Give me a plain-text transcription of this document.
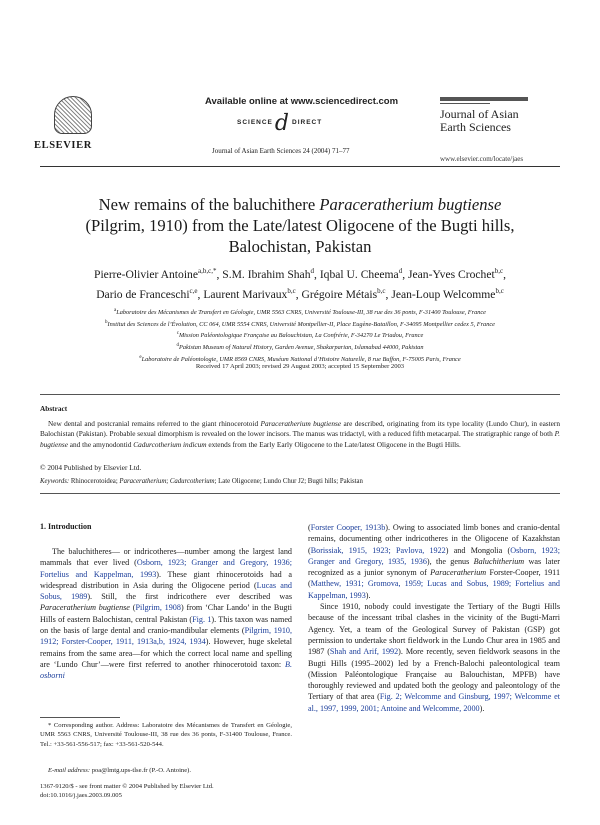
ELSEVIER
Available online at www.sciencedirect.com
SCIENCEd DIRECT
Journal of Asian Earth Sciences 24 (2004) 71–77
Journal of Asian
Earth Sciences
www.elsevier.com/locate/jaes
New remains of the baluchithere Paraceratherium bugtiense
(Pilgrim, 1910) from the Late/latest Oligocene of the Bugti hills,
Balochistan, Pakistan
Pierre-Olivier Antoine$^{a,b,c,*}$, S.M. Ibrahim Shah$^d$, Iqbal U. Cheema$^d$, Jean-Yves Crochet$^{b,c}$,
Dario de Franceschi$^{c,e}$, Laurent Marivaux$^{b,c}$, Grégoire Métais$^{b,c}$, Jean-Loup Welcomme$^{b,c}$
$^a$Laboratoire des Mécanismes de Transfert en Géologie, UMR 5563 CNRS, Université Toulouse-III, 38 rue des 36 ponts, F-31400 Toulouse, France
$^b$Institut des Sciences de l’Évolution, CC 064, UMR 5554 CNRS, Université Montpellier-II, Place Eugène-Bataillon, F-34095 Montpellier cedex 5, France
$^c$Mission Paléontologique Française au Balouchistan, La Confrérie, F-34270 Le Triadou, France
$^d$Pakistan Museum of Natural History, Garden Avenue, Shakarparian, Islamabad 44000, Pakistan
$^e$Laboratoire de Paléontologie, UMR 8569 CNRS, Muséum National d’Histoire Naturelle, 8 rue Buffon, F-75005 Paris, France
Received 17 April 2003; revised 29 August 2003; accepted 15 September 2003
Abstract
New dental and postcranial remains referred to the giant rhinocerotoid Paraceratherium bugtiense are described, originating from its type locality (Lundo Chur), in eastern Balochistan (Pakistan). Probable sexual dimorphism is revealed on the lower incisors. The manus was tridactyl, with a reduced fifth metacarpal. The stratigraphic range of both P. bugtiense and the amynodontid Cadurcotherium indicum extends from the Early Early Oligocene to the Late/latest Oligocene in the Bugti Hills.
© 2004 Published by Elsevier Ltd.
Keywords: Rhinocerotoidea; Paraceratherium; Cadurcotherium; Late Oligocene; Lundo Chur J2; Bugti hills; Pakistan
1. Introduction

The baluchitheres— or indricotheres—number among the largest land mammals that ever lived (Osborn, 1923; Granger and Gregory, 1936; Fortelius and Kappelman, 1993). These giant rhinocerotoids had a widespread distribution in Asia during the Oligocene period (Lucas and Sobus, 1989). Still, the first indricothere ever described was Paraceratherium bugtiense (Pilgrim, 1908) from ‘Char Lando’ in the Bugti Hills of eastern Balochistan, central Pakistan (Fig. 1). This taxon was named on the basis of large dental and cranio-mandibular elements (Pilgrim, 1910, 1912; Forster-Cooper, 1911, 1913a,b, 1924, 1934). However, huge skeletal remains from the same area—for which the correct local name and spelling are ‘Lundo Chur’—were first referred to another rhinocerotoid taxon: B. osborni

(Forster Cooper, 1913b). Owing to associated limb bones and cranio-dental remains, documenting other indricotheres in the Oligocene of Kazakhstan (Borissiak, 1915, 1923; Pavlova, 1922) and Mongolia (Osborn, 1923; Granger and Gregory, 1935, 1936), the genus Baluchitherium was later recognized as a junior synonym of Paraceratherium Forster-Cooper, 1911 (Matthew, 1931; Gromova, 1959; Lucas and Sobus, 1989; Fortelius and Kappelman, 1993).

Since 1910, nobody could investigate the Tertiary of the Bugti Hills because of the incessant tribal clashes in the vicinity of the Bugti-Marri Agency. Yet, a team of the Geological Survey of Pakistan (GSP) got permission to undertake short fieldwork in the Lundo Chur area in 1985 and 1987 (Shah and Arif, 1992). More recently, seven fieldwork seasons in the Bugti Hills (1995–2002) led by a French-Balochi paleontological team (Mission Paléontologique Française au Balouchistan, MPFB) have thoroughly reviewed and updated both the geology and paleontology of the Tertiary of that area (Fig. 2; Welcomme and Ginsburg, 1997; Welcomme et al., 1997, 1999, 2001; Antoine and Welcomme, 2000).

* Corresponding author. Address: Laboratoire des Mécanismes de Transfert en Géologie, UMR 5563 CNRS, Université Toulouse-III, 38 rue des 36 ponts, F-31400 Toulouse, France. Tel.: +33-561-556-517; fax: +33-561-520-544.
E-mail address: poa@lmtg.ups-tlse.fr (P.-O. Antoine).
1367-9120/$ - see front matter © 2004 Published by Elsevier Ltd.
doi:10.1016/j.jaes.2003.09.005
